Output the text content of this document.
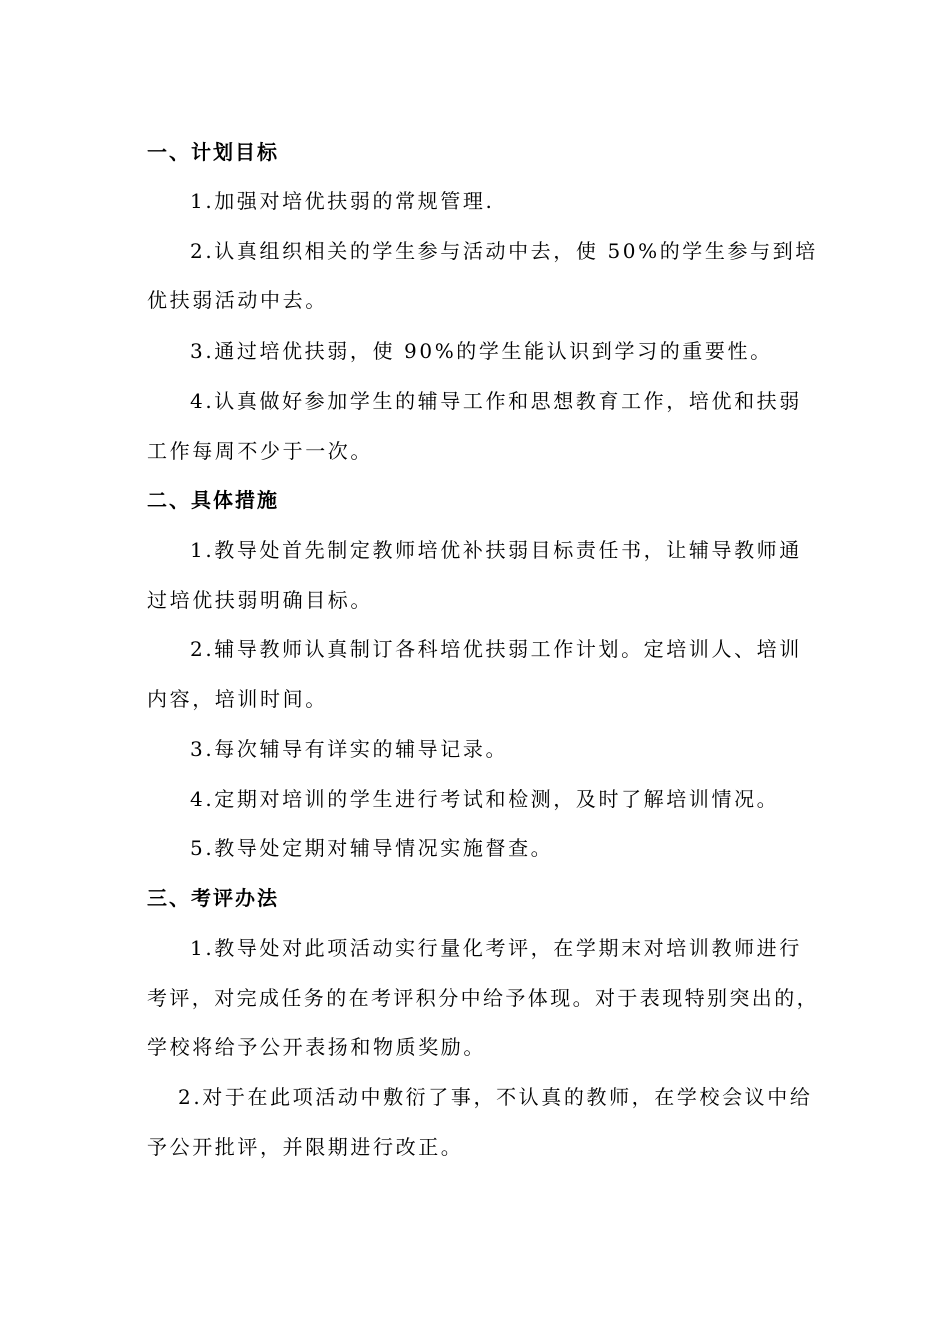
一、计划目标
1.加强对培优扶弱的常规管理.
2.认真组织相关的学生参与活动中去，使 50%的学生参与到培
优扶弱活动中去。
3.通过培优扶弱，使 90%的学生能认识到学习的重要性。
4.认真做好参加学生的辅导工作和思想教育工作，培优和扶弱
工作每周不少于一次。
二、具体措施
1.教导处首先制定教师培优补扶弱目标责任书，让辅导教师通
过培优扶弱明确目标。
2.辅导教师认真制订各科培优扶弱工作计划。定培训人、培训
内容，培训时间。
3.每次辅导有详实的辅导记录。
4.定期对培训的学生进行考试和检测，及时了解培训情况。
5.教导处定期对辅导情况实施督查。
三、考评办法
1.教导处对此项活动实行量化考评，在学期末对培训教师进行
考评，对完成任务的在考评积分中给予体现。对于表现特别突出的，
学校将给予公开表扬和物质奖励。
2.对于在此项活动中敷衍了事，不认真的教师，在学校会议中给
予公开批评，并限期进行改正。
